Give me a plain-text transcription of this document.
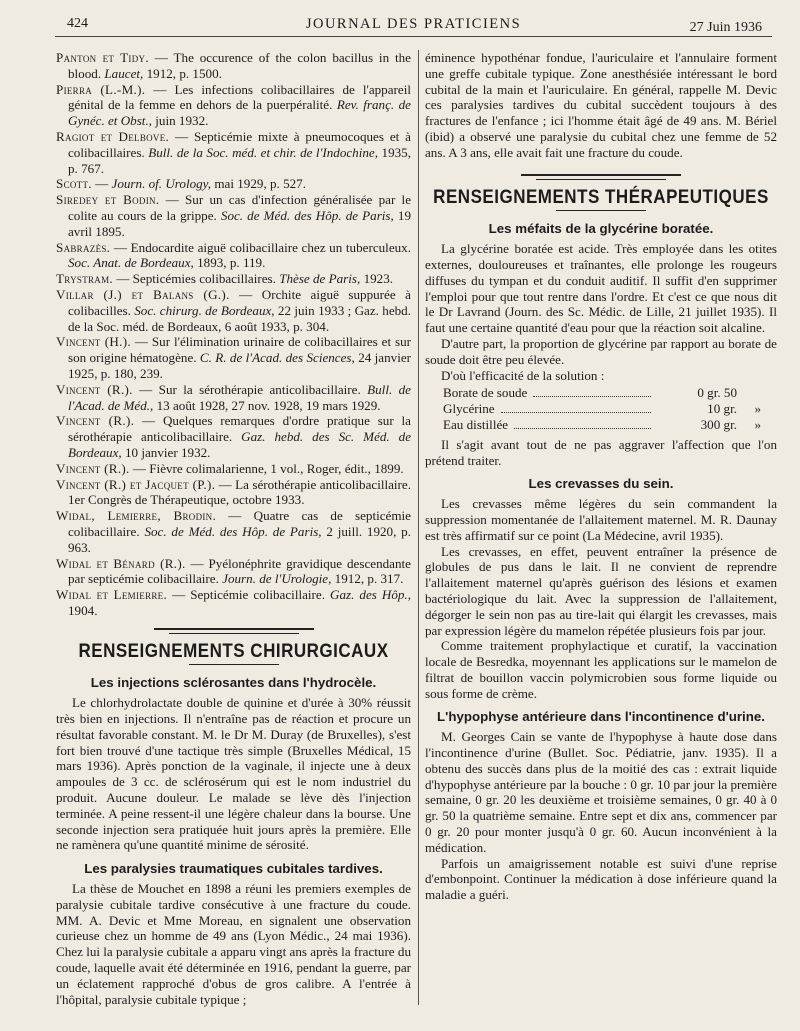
424	JOURNAL DES PRATICIENS	27 Juin 1936

Panton et Tidy. — The occurence of the colon bacillus in the blood. Laucet, 1912, p. 1500.

Pierra (L.-M.). — Les infections colibacillaires de l'appareil génital de la femme en dehors de la puerpéralité. Rev. franç. de Gynéc. et Obst., juin 1932.

Ragiot et Delbove. — Septicémie mixte à pneumocoques et à colibacillaires. Bull. de la Soc. méd. et chir. de l'Indochine, 1935, p. 767.

Scott. — Journ. of. Urology, mai 1929, p. 527.

Siredey et Bodin. — Sur un cas d'infection généralisée par le colite au cours de la grippe. Soc. de Méd. des Hôp. de Paris, 19 avril 1895.

Sabrazès. — Endocardite aiguë colibacillaire chez un tuberculeux. Soc. Anat. de Bordeaux, 1893, p. 119.

Trystram. — Septicémies colibacillaires. Thèse de Paris, 1923.

Villar (J.) et Balans (G.). — Orchite aiguë suppurée à colibacilles. Soc. chirurg. de Bordeaux, 22 juin 1933 ; Gaz. hebd. de la Soc. méd. de Bordeaux, 6 août 1933, p. 304.

Vincent (H.). — Sur l'élimination urinaire de colibacillaires et sur son origine hématogène. C. R. de l'Acad. des Sciences, 24 janvier 1925, p. 180, 239.

Vincent (R.). — Sur la sérothérapie anticolibacillaire. Bull. de l'Acad. de Méd., 13 août 1928, 27 nov. 1928, 19 mars 1929.

Vincent (R.). — Quelques remarques d'ordre pratique sur la sérothérapie anticolibacillaire. Gaz. hebd. des Sc. Méd. de Bordeaux, 10 janvier 1932.

Vincent (R.). — Fièvre colimalarienne, 1 vol., Roger, édit., 1899.

Vincent (R.) et Jacquet (P.). — La sérothérapie anticolibacillaire. 1er Congrès de Thérapeutique, octobre 1933.

Widal, Lemierre, Brodin. — Quatre cas de septicémie colibacillaire. Soc. de Méd. des Hôp. de Paris, 2 juill. 1920, p. 963.

Widal et Bénard (R.). — Pyélonéphrite gravidique descendante par septicémie colibacillaire. Journ. de l'Urologie, 1912, p. 317.

Widal et Lemierre. — Septicémie colibacillaire. Gaz. des Hôp., 1904.

RENSEIGNEMENTS CHIRURGICAUX
Les injections sclérosantes dans l'hydrocèle.

Le chlorhydrolactate double de quinine et d'urée à 30% réussit très bien en injections. Il n'entraîne pas de réaction et procure un résultat favorable constant. M. le Dr M. Duray (de Bruxelles), s'est fort bien trouvé d'une tactique très simple (Bruxelles Médical, 15 mars 1936). Après ponction de la vaginale, il injecte une à deux ampoules de 3 cc. de sclérosérum qui est le nom industriel du produit. Aucune douleur. Le malade se lève dès l'injection terminée. A peine ressent-il une légère chaleur dans la bourse. Une seconde injection sera pratiquée huit jours après la première. Elle ne ramènera qu'une quantité minime de sérosité.

Les paralysies traumatiques cubitales tardives.

La thèse de Mouchet en 1898 a réuni les premiers exemples de paralysie cubitale tardive consécutive à une fracture du coude. MM. A. Devic et Mme Moreau, en signalent une observation curieuse chez un homme de 49 ans (Lyon Médic., 24 mai 1936). Chez lui la paralysie cubitale a apparu vingt ans après la fracture du coude, laquelle avait été déterminée en 1916, pendant la guerre, par un éclatement rapproché d'obus de gros calibre. A l'entrée à l'hôpital, paralysie cubitale typique ;

éminence hypothénar fondue, l'auriculaire et l'annulaire forment une greffe cubitale typique. Zone anesthésiée intéressant le bord cubital de la main et l'auriculaire. En général, rappelle M. Devic ces paralysies tardives du cubital succèdent toujours à des fractures de l'enfance ; ici l'homme était âgé de 49 ans. M. Bériel (ibid) a observé une paralysie du cubital chez une femme de 52 ans. A 3 ans, elle avait fait une fracture du coude.

RENSEIGNEMENTS THÉRAPEUTIQUES
Les méfaits de la glycérine boratée.

La glycérine boratée est acide. Très employée dans les otites externes, douloureuses et traînantes, elle prolonge les rougeurs diffuses du tympan et du conduit auditif. Il suffit d'en supprimer l'emploi pour que tout rentre dans l'ordre. Et c'est ce que nous dit le Dr Lavrand (Journ. des Sc. Médic. de Lille, 21 juillet 1935). Il faut une certaine quantité d'eau pour que la réaction soit alcaline.

D'autre part, la proportion de glycérine par rapport au borate de soude doit être peu élevée.

D'où l'efficacité de la solution :

Borate de soude	0 gr. 50
Glycérine	10 gr.	»
Eau distillée	300 gr.	»

Il s'agit avant tout de ne pas aggraver l'affection que l'on prétend traiter.

Les crevasses du sein.

Les crevasses même légères du sein commandent la suppression momentanée de l'allaitement maternel. M. R. Daunay est très affirmatif sur ce point (La Médecine, avril 1935).

Les crevasses, en effet, peuvent entraîner la présence de globules de pus dans le lait. Il ne convient de reprendre l'allaitement maternel qu'après guérison des lésions et examen bactériologique du lait. Avec la suppression de l'allaitement, dégorger le sein non pas au tire-lait qui élargit les crevasses, mais par expression légère du mamelon répétée plusieurs fois par jour.

Comme traitement prophylactique et curatif, la vaccination locale de Besredka, moyennant les applications sur le mamelon de filtrat de bouillon vaccin polymicrobien sous forme liquide ou sous forme de crème.

L'hypophyse antérieure dans l'incontinence d'urine.

M. Georges Cain se vante de l'hypophyse à haute dose dans l'incontinence d'urine (Bullet. Soc. Pédiatrie, janv. 1935). Il a obtenu des succès dans plus de la moitié des cas : extrait liquide d'hypophyse antérieure par la bouche : 0 gr. 10 par jour la première semaine, 0 gr. 20 les deuxième et troisième semaines, 0 gr. 40 à 0 gr. 50 la quatrième semaine. Entre sept et dix ans, commencer par 0 gr. 20 pour monter jusqu'à 0 gr. 60. Aucun inconvénient à la médication.

Parfois un amaigrissement notable est suivi d'une reprise d'embonpoint. Continuer la médication à dose inférieure quand la maladie a guéri.
